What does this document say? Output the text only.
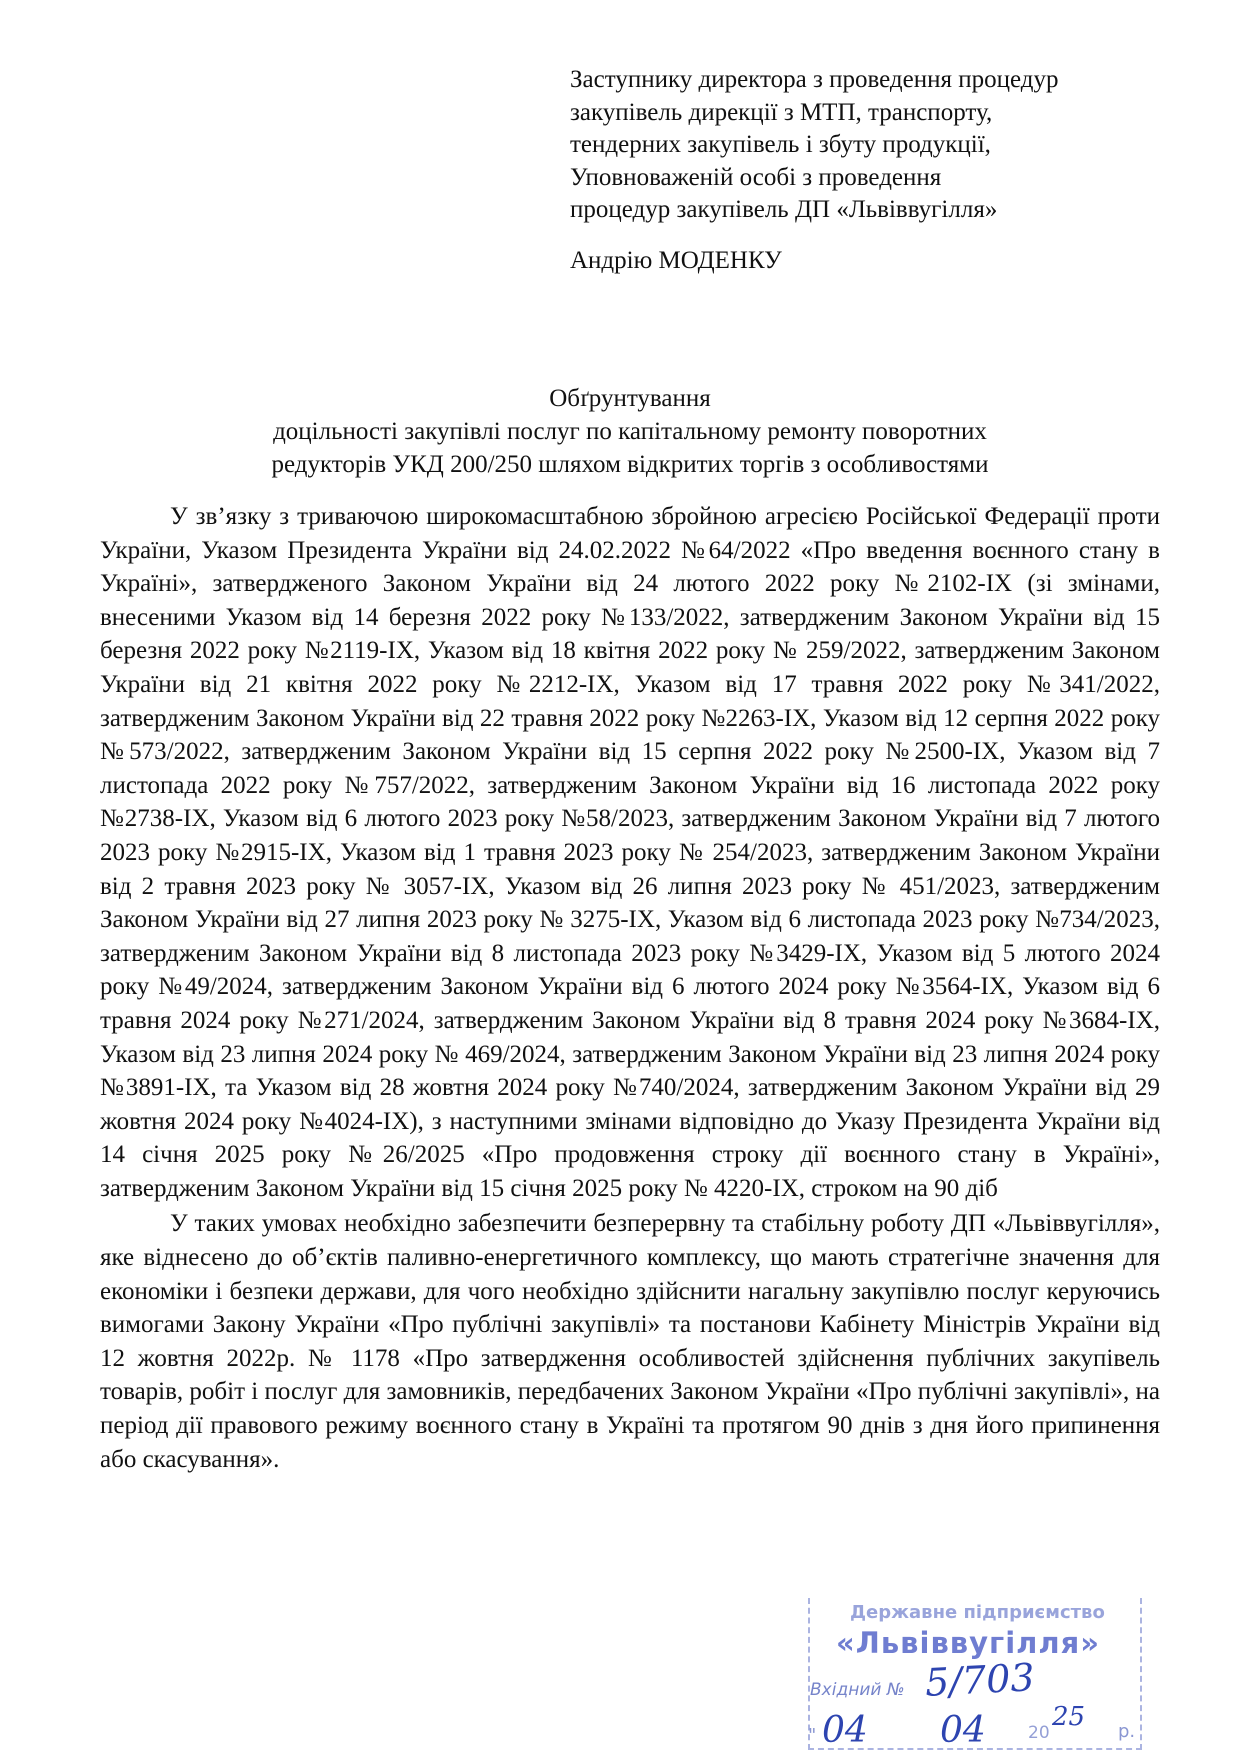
Заступнику директора з проведення процедур
закупівель дирекції з МТП, транспорту,
тендерних закупівель і збуту продукції,
Уповноваженій особі з проведення
процедур закупівель ДП «Львіввугілля»
Андрію МОДЕНКУ
Обґрунтування
доцільності закупівлі послуг по капітальному ремонту поворотних
редукторів УКД 200/250 шляхом відкритих торгів з особливостями

У зв’язку з триваючою широкомасштабною збройною агресією Російської Федерації проти України, Указом Президента України від 24.02.2022 №64/2022 «Про введення воєнного стану в Україні», затвердженого Законом України від 24 лютого 2022 року №2102-IX (зі змінами, внесеними Указом від 14 березня 2022 року №133/2022, затвердженим Законом України від 15 березня 2022 року №2119-IX, Указом від 18 квітня 2022 року № 259/2022, затвердженим Законом України від 21 квітня 2022 року №2212-IX, Указом від 17 травня 2022 року №341/2022, затвердженим Законом України від 22 травня 2022 року №2263-IX, Указом від 12 серпня 2022 року №573/2022, затвердженим Законом України від 15 серпня 2022 року №2500-IX, Указом від 7 листопада 2022 року №757/2022, затвердженим Законом України від 16 листопада 2022 року №2738-IX, Указом від 6 лютого 2023 року №58/2023, затвердженим Законом України від 7 лютого 2023 року №2915-IX, Указом від 1 травня 2023 року № 254/2023, затвердженим Законом України від 2 травня 2023 року № 3057-IX, Указом від 26 липня 2023 року № 451/2023, затвердженим Законом України від 27 липня 2023 року № 3275-IX, Указом від 6 листопада 2023 року №734/2023, затвердженим Законом України від 8 листопада 2023 року №3429-IX, Указом від 5 лютого 2024 року №49/2024, затвердженим Законом України від 6 лютого 2024 року №3564-IX, Указом від 6 травня 2024 року №271/2024, затвердженим Законом України від 8 травня 2024 року №3684-IX, Указом від 23 липня 2024 року № 469/2024, затвердженим Законом України від 23 липня 2024 року №3891-IX, та Указом від 28 жовтня 2024 року №740/2024, затвердженим Законом України від 29 жовтня 2024 року №4024-IX), з наступними змінами відповідно до Указу Президента України від 14 січня 2025 року №26/2025 «Про продовження строку дії воєнного стану в Україні», затвердженим Законом України від 15 січня 2025 року № 4220-IX, строком на 90 діб

У таких умовах необхідно забезпечити безперервну та стабільну роботу ДП «Львіввугілля», яке віднесено до об’єктів паливно-енергетичного комплексу, що мають стратегічне значення для економіки і безпеки держави, для чого необхідно здійснити нагальну закупівлю послуг керуючись вимогами Закону України «Про публічні закупівлі» та постанови Кабінету Міністрів України від 12 жовтня 2022р. № 1178 «Про затвердження особливостей здійснення публічних закупівель товарів, робіт і послуг для замовників, передбачених Законом України «Про публічні закупівлі», на період дії правового режиму воєнного стану в Україні та протягом 90 днів з дня його припинення або скасування».

Державне підприємство
«Львіввугілля»
Вхідний № 5/703
" 04 04 20
25 р.
